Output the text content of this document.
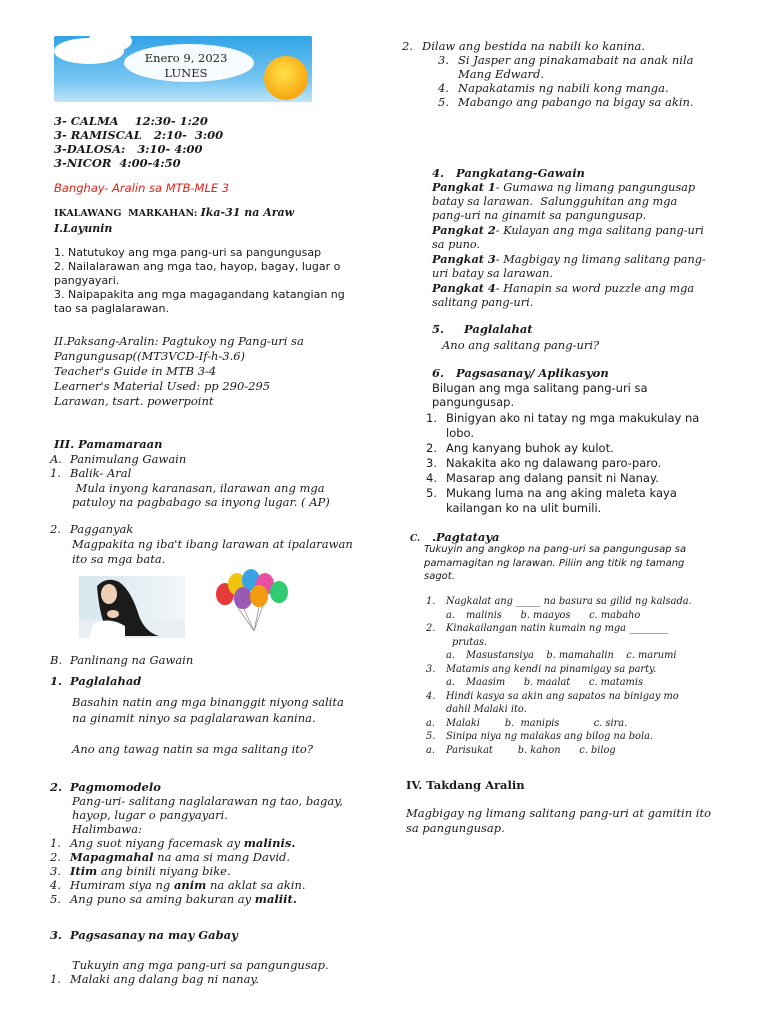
Enero 9, 2023
LUNES
3- CALMA    12:30- 1:20
3- RAMISCAL   2:10-  3:00
3-DALOSA:   3:10- 4:00
3-NICOR  4:00-4:50
Banghay- Aralin sa MTB-MLE 3
IKALAWANG  MARKAHAN: Ika-31 na Araw
I.Layunin
1. Natutukoy ang mga pang-uri sa pangungusap
2. Nailalarawan ang mga tao, hayop, bagay, lugar o
pangyayari.
3. Naipapakita ang mga magagandang katangian ng
tao sa paglalarawan.
II.Paksang-Aralin: Pagtukoy ng Pang-uri sa
Pangungusap((MT3VCD-If-h-3.6)
Teacher's Guide in MTB 3-4
Learner's Material Used: pp 290-295
Larawan, tsart. powerpoint
III. Pamamaraan
A. Panimulang Gawain
1. Balik- Aral
Mula inyong karanasan, ilarawan ang mga
patuloy na pagbabago sa inyong lugar. ( AP)
2. Pagganyak
Magpakita ng iba't ibang larawan at ipalarawan
ito sa mga bata.
B. Panlinang na Gawain
1. Paglalahad
Basahin natin ang mga binanggit niyong salita
na ginamit ninyo sa paglalarawan kanina.
Ano ang tawag natin sa mga salitang ito?
2. Pagmomodelo
Pang-uri- salitang naglalarawan ng tao, bagay,
hayop, lugar o pangyayari.
Halimbawa:
1. Ang suot niyang facemask ay malinis.
2. Mapagmahal na ama si mang David.
3. Itim ang binili niyang bike.
4. Humiram siya ng anim na aklat sa akin.
5. Ang puno sa aming bakuran ay maliit.
3. Pagsasanay na may Gabay
Tukuyin ang mga pang-uri sa pangungusap.
1. Malaki ang dalang bag ni nanay.
2. Dilaw ang bestida na nabili ko kanina.
3. Si Jasper ang pinakamabait na anak nila
Mang Edward.
4. Napakatamis ng nabili kong manga.
5. Mabango ang pabango na bigay sa akin.
4.   Pangkatang-Gawain
Pangkat 1- Gumawa ng limang pangungusap
batay sa larawan.  Salungguhitan ang mga
pang-uri na ginamit sa pangungusap.
Pangkat 2- Kulayan ang mga salitang pang-uri
sa puno.
Pangkat 3- Magbigay ng limang salitang pang-
uri batay sa larawan.
Pangkat 4- Hanapin sa word puzzle ang mga
salitang pang-uri.
5.     Paglalahat
Ano ang salitang pang-uri?
6.   Pagsasanay/ Aplikasyon
Bilugan ang mga salitang pang-uri sa
pangungusap.
1. Binigyan ako ni tatay ng mga makukulay na
lobo.
2. Ang kanyang buhok ay kulot.
3. Nakakita ako ng dalawang paro-paro.
4. Masarap ang dalang pansit ni Nanay.
5. Mukang luma na ang aking maleta kaya
kailangan ko na ulit bumili.
C. .Pagtataya
Tukuyin ang angkop na pang-uri sa pangungusap sa
pamamagitan ng larawan. Piliin ang titik ng tamang
sagot.
1. Nagkalat ang _____ na basura sa gilid ng kalsada.
a. malinis      b. maayos      c. mabaho
2. Kinakailangan natin kumain ng mga ________
prutas.
a. Masustansiya    b. mamahalin    c. marumi
3. Matamis ang kendi na pinamigay sa party.
a. Maasim      b. maalat      c. matamis
4. Hindi kasya sa akin ang sapatos na binigay mo
dahil Malaki ito.
a. Malaki        b.  manipis           c. sira.
5. Sinipa niya ng malakas ang bilog na bola.
a. Parisukat        b. kahon      c. bilog
IV. Takdang Aralin
Magbigay ng limang salitang pang-uri at gamitin ito
sa pangungusap.
